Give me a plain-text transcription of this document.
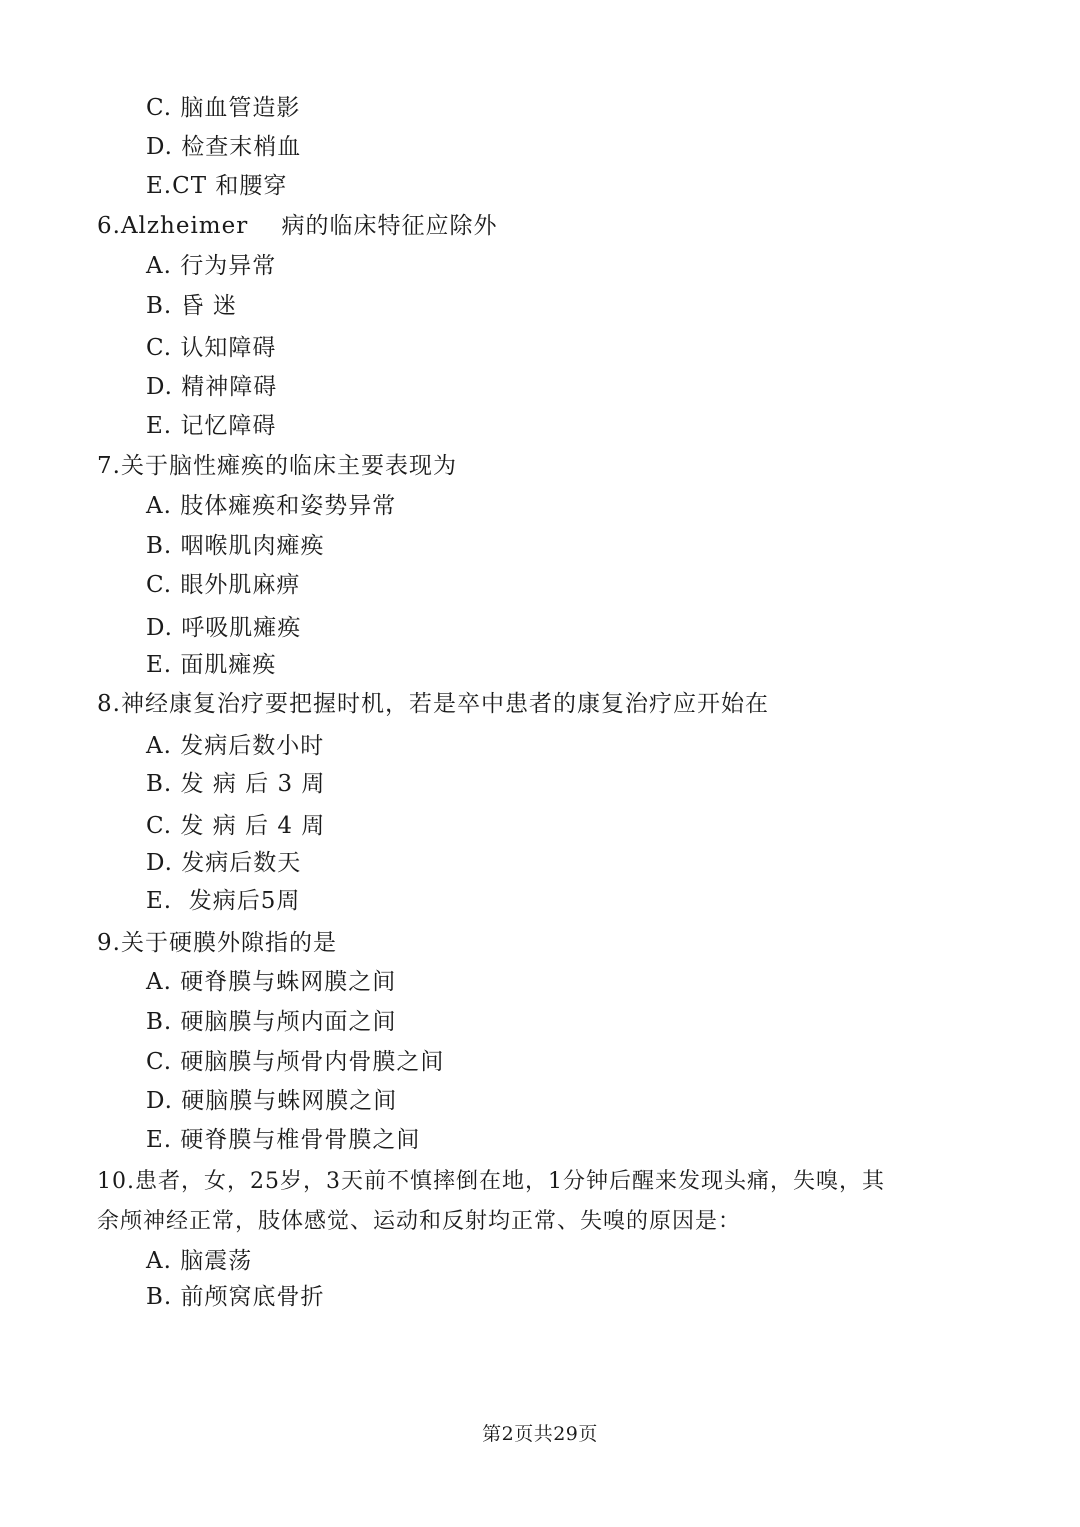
C. 脑血管造影
D. 检查末梢血
E.CT 和腰穿
6.Alzheimer    病的临床特征应除外
A. 行为异常
B. 昏 迷
C. 认知障碍
D. 精神障碍
E. 记忆障碍
7.关于脑性瘫痪的临床主要表现为
A. 肢体瘫痪和姿势异常
B. 咽喉肌肉瘫痪
C. 眼外肌麻痹
D. 呼吸肌瘫痪
E. 面肌瘫痪
8.神经康复治疗要把握时机，若是卒中患者的康复治疗应开始在
A. 发病后数小时
B. 发 病 后 3 周
C. 发 病 后 4 周
D. 发病后数天
E.  发病后5周
9.关于硬膜外隙指的是
A. 硬脊膜与蛛网膜之间
B. 硬脑膜与颅内面之间
C. 硬脑膜与颅骨内骨膜之间
D. 硬脑膜与蛛网膜之间
E. 硬脊膜与椎骨骨膜之间
10.患者，女，25岁，3天前不慎摔倒在地，1分钟后醒来发现头痛，失嗅，其
余颅神经正常，肢体感觉、运动和反射均正常、失嗅的原因是：
A. 脑震荡
B. 前颅窝底骨折
第2页共29页
